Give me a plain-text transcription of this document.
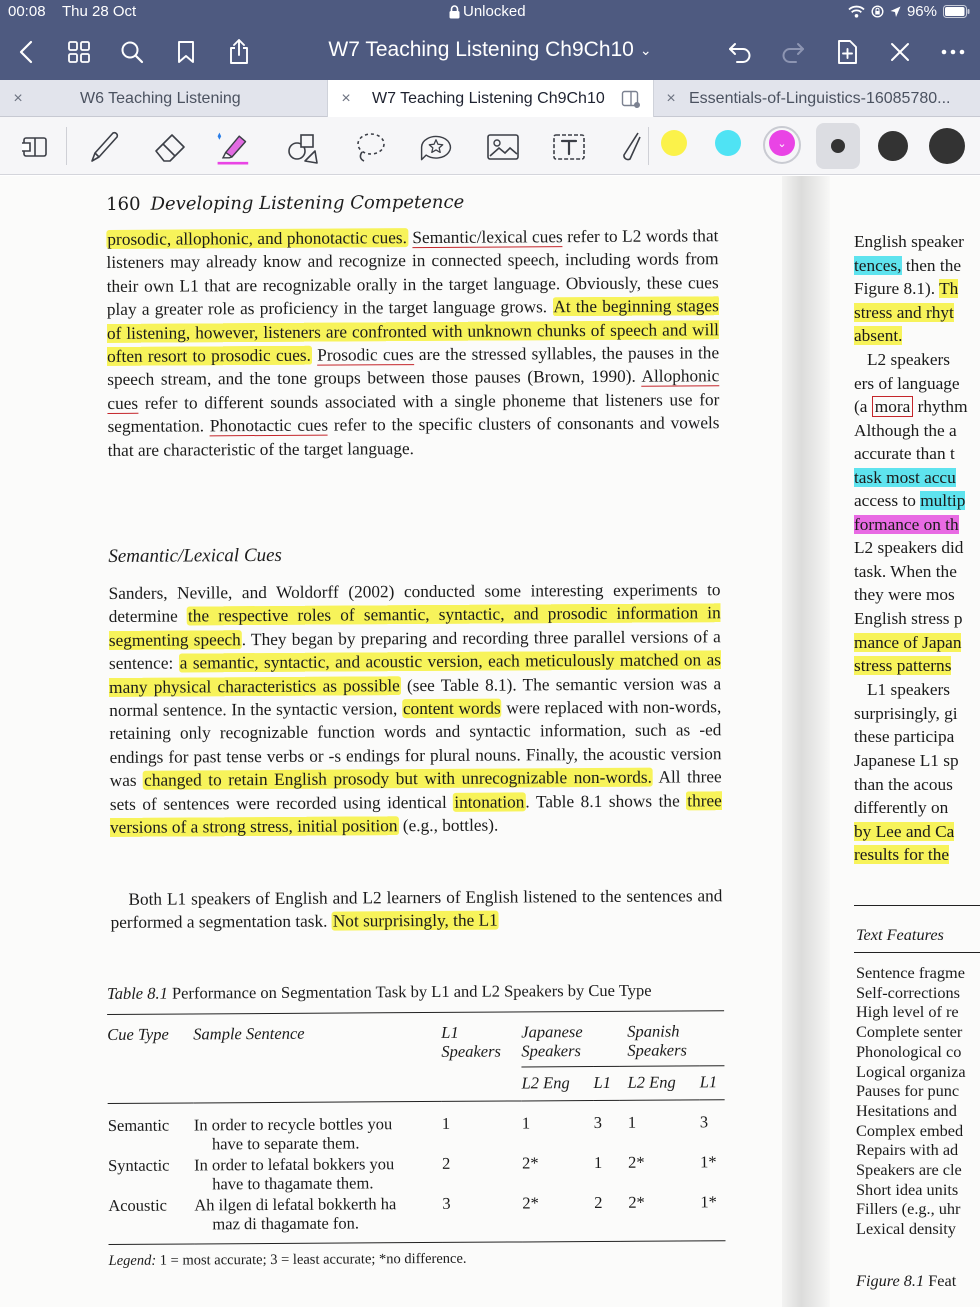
00:08 Thu 28 Oct	Unlocked	96%
W7 Teaching Listening Ch9Ch10 ⌄
×	W6 Teaching Listening	×	W7 Teaching Listening Ch9Ch10	× Essentials-of-Linguistics-16085780...
⌄
160 Developing Listening Competence
prosodic, allophonic, and phonotactic cues. Semantic/lexical cues refer to L2 words that listeners may already know and recognize in connected speech, including words from their own L1 that are recognizable orally in the target language. Obviously, these cues play a greater role as proficiency in the target language grows. At the beginning stages of listening, however, listeners are confronted with unknown chunks of speech and will often resort to prosodic cues. Prosodic cues are the stressed syllables, the pauses in the speech stream, and the tone groups between those pauses (Brown, 1990). Allophonic cues refer to different sounds associated with a single phoneme that listeners use for segmentation. Phonotactic cues refer to the specific clusters of consonants and vowels that are characteristic of the target language.
Semantic/Lexical Cues
Sanders, Neville, and Woldorff (2002) conducted some interesting experiments to determine the respective roles of semantic, syntactic, and prosodic information in segmenting speech. They began by preparing and recording three parallel versions of a sentence: a semantic, syntactic, and acoustic version, each meticulously matched on as many physical characteristics as possible (see Table 8.1). The semantic version was a normal sentence. In the syntactic version, content words were replaced with non-words, retaining only recognizable function words and syntactic information, such as -ed endings for past tense verbs or -s endings for plural nouns. Finally, the acoustic version was changed to retain English prosody but with unrecognizable non-words. All three sets of sentences were recorded using identical intonation. Table 8.1 shows the three versions of a strong stress, initial position (e.g., bottles).
Both L1 speakers of English and L2 learners of English listened to the sentences and performed a segmentation task. Not surprisingly, the L1
Table 8.1 Performance on Segmentation Task by L1 and L2 Speakers by Cue Type
Cue Type	Sample Sentence	L1 Speakers	Japanese Speakers		Spanish Speakers	
			L2 Eng	L1	L2 Eng	L1
Semantic	In order to recycle bottles you
have to separate them.	1	1	3	1	3
Syntactic	In order to lefatal bokkers you
have to thagamate them.	2	2*	1	2*	1*
Acoustic	Ah ilgen di lefatal bokkerth ha
maz di thagamate fon.	3	2*	2	2*	1*
Legend: 1 = most accurate; 3 = least accurate; *no difference.
English speaker
tences, then the
Figure 8.1). Th
stress and rhyt
absent.
L2 speakers
ers of language
(a mora rhythm
Although the a
accurate than t
task most accu
access to multip
formance on th
L2 speakers did
task. When the
they were mos
English stress p
mance of Japan
stress patterns
L1 speakers
surprisingly, gi
these participa
Japanese L1 sp
than the acous
differently on
by Lee and Ca
results for the
Text Features
Sentence fragme
Self-corrections
High level of re
Complete senter
Phonological co
Logical organiza
Pauses for punc
Hesitations and
Complex embed
Repairs with ad
Speakers are cle
Short idea units
Fillers (e.g., uhr
Lexical density
Figure 8.1 Feat
